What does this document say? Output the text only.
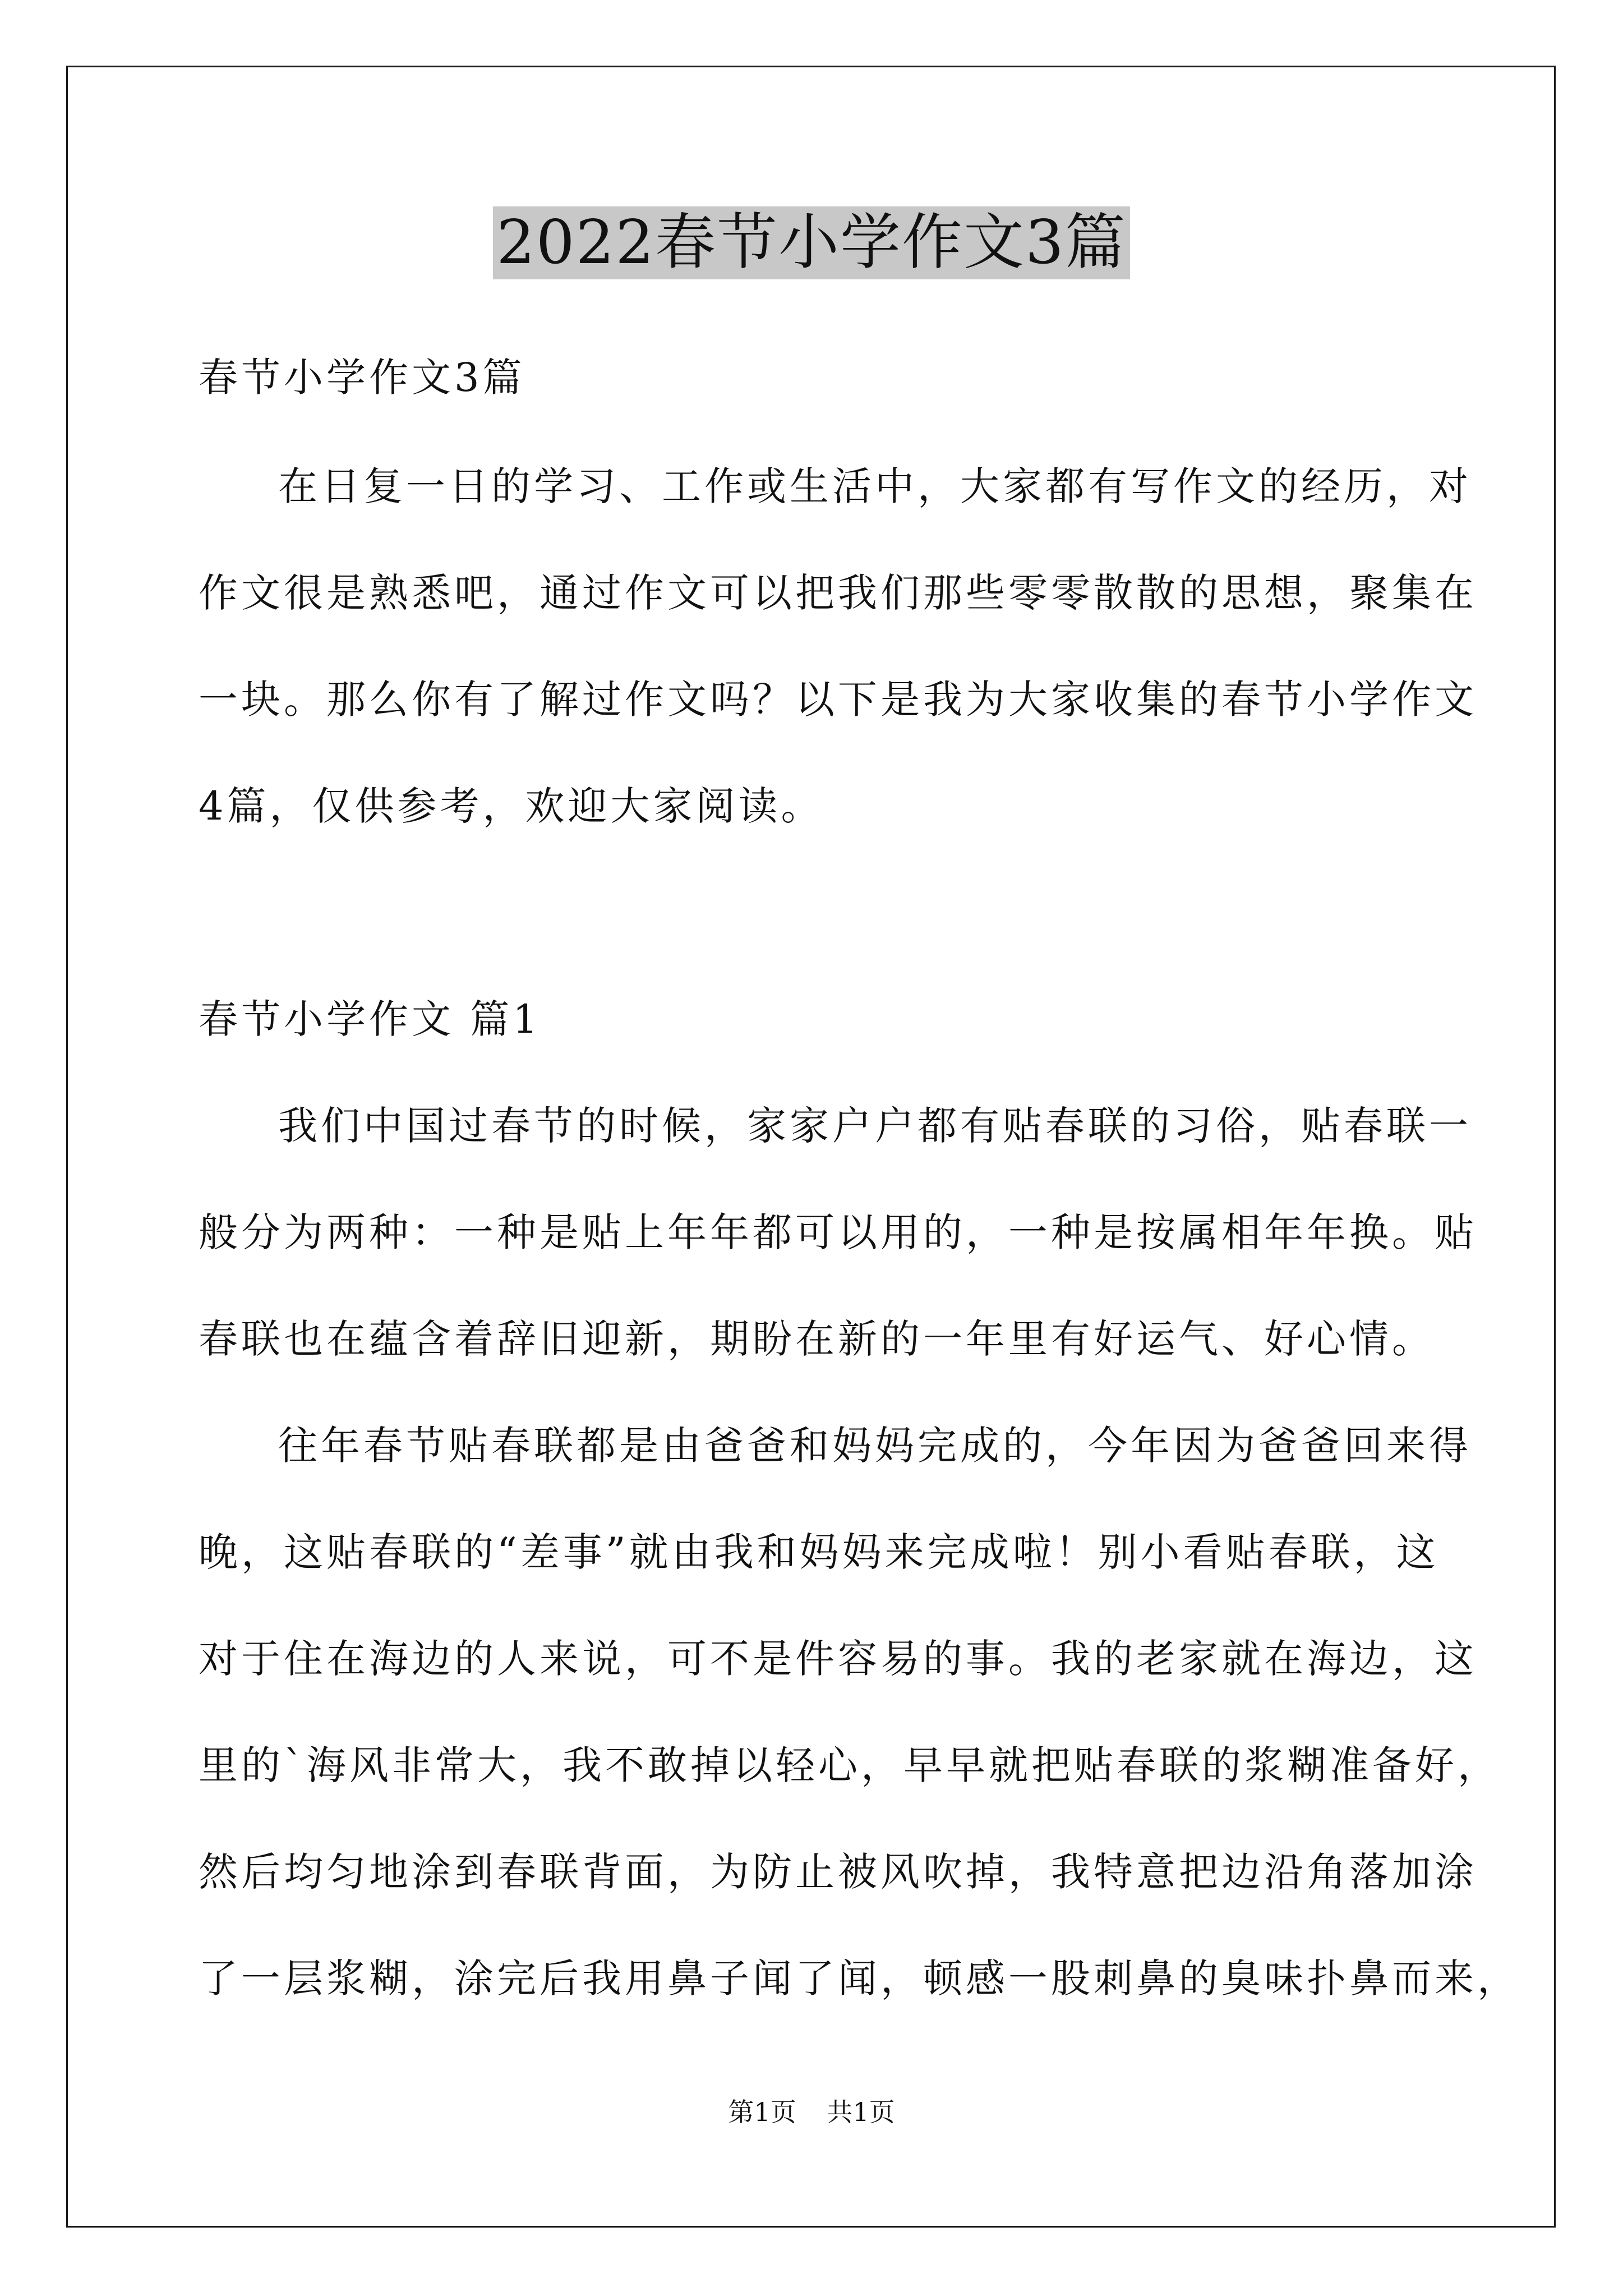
2022春节小学作文3篇
春节小学作文3篇
在日复一日的学习、工作或生活中，大家都有写作文的经历，对
作文很是熟悉吧，通过作文可以把我们那些零零散散的思想，聚集在
一块。那么你有了解过作文吗？以下是我为大家收集的春节小学作文
4篇，仅供参考，欢迎大家阅读。
春节小学作文 篇1
我们中国过春节的时候，家家户户都有贴春联的习俗，贴春联一
般分为两种：一种是贴上年年都可以用的，一种是按属相年年换。贴
春联也在蕴含着辞旧迎新，期盼在新的一年里有好运气、好心情。
往年春节贴春联都是由爸爸和妈妈完成的，今年因为爸爸回来得
晚，这贴春联的“差事”就由我和妈妈来完成啦！别小看贴春联，这
对于住在海边的人来说，可不是件容易的事。我的老家就在海边，这
里的`海风非常大，我不敢掉以轻心，早早就把贴春联的浆糊准备好，
然后均匀地涂到春联背面，为防止被风吹掉，我特意把边沿角落加涂
了一层浆糊，涂完后我用鼻子闻了闻，顿感一股刺鼻的臭味扑鼻而来，
第1页 共1页
